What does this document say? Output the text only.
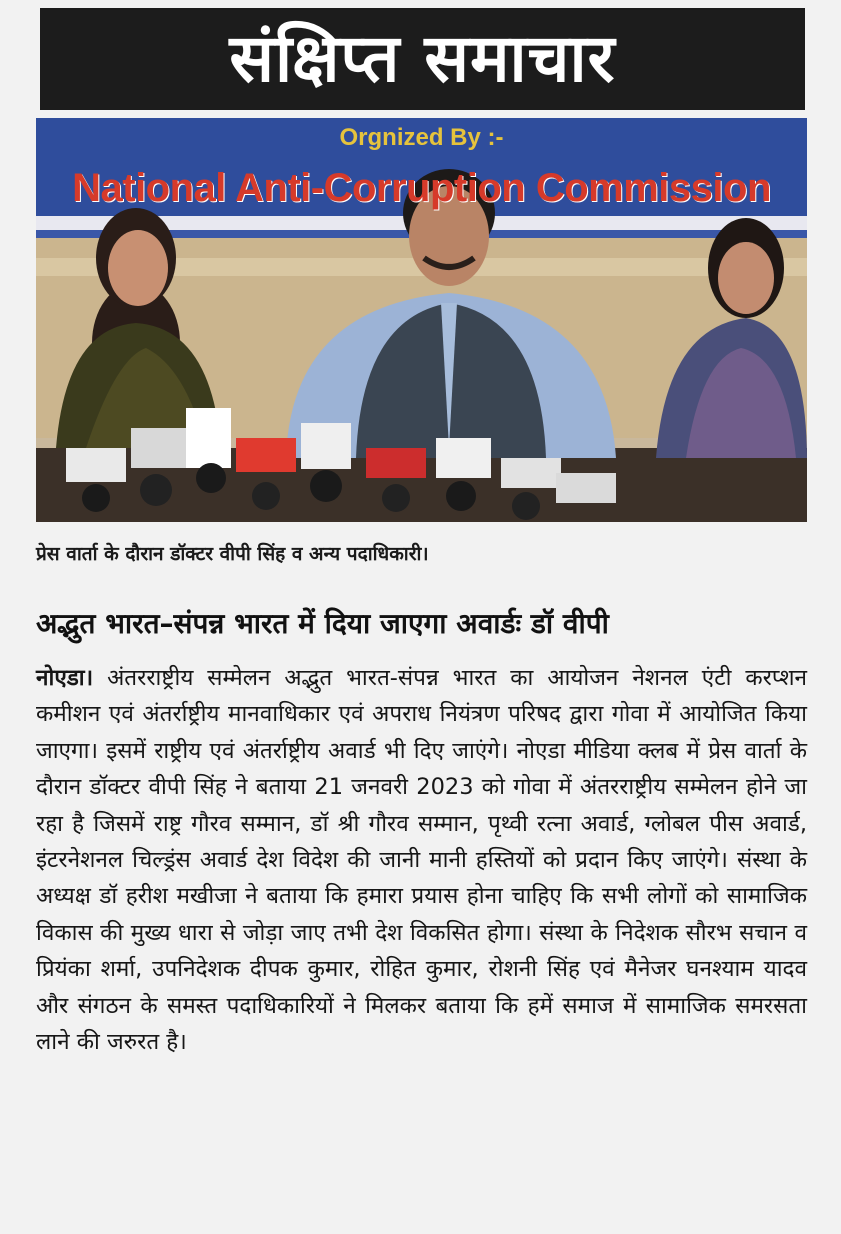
संक्षिप्त समाचार
Orgnized By :-
National Anti-Corruption Commission
प्रेस वार्ता के दौरान डॉक्टर वीपी सिंह व अन्य पदाधिकारी।
अद्भुत भारत–संपन्न भारत में दिया जाएगा अवार्डः डॉ वीपी
नोएडा। अंतरराष्ट्रीय सम्मेलन अद्भुत भारत-संपन्न भारत का आयोजन नेशनल एंटी करप्शन कमीशन एवं अंतर्राष्ट्रीय मानवाधिकार एवं अपराध नियंत्रण परिषद द्वारा गोवा में आयोजित किया जाएगा। इसमें राष्ट्रीय एवं अंतर्राष्ट्रीय अवार्ड भी दिए जाएंगे। नोएडा मीडिया क्लब में प्रेस वार्ता के दौरान डॉक्टर वीपी सिंह ने बताया 21 जनवरी 2023 को गोवा में अंतरराष्ट्रीय सम्मेलन होने जा रहा है जिसमें राष्ट्र गौरव सम्मान, डॉ श्री गौरव सम्मान, पृथ्वी रत्ना अवार्ड, ग्लोबल पीस अवार्ड, इंटरनेशनल चिल्ड्रंस अवार्ड देश विदेश की जानी मानी हस्तियों को प्रदान किए जाएंगे। संस्था के अध्यक्ष डॉ हरीश मखीजा ने बताया कि हमारा प्रयास होना चाहिए कि सभी लोगों को सामाजिक विकास की मुख्य धारा से जोड़ा जाए तभी देश विकसित होगा। संस्था के निदेशक सौरभ सचान व प्रियंका शर्मा, उपनिदेशक दीपक कुमार, रोहित कुमार, रोशनी सिंह एवं मैनेजर घनश्याम यादव और संगठन के समस्त पदाधिकारियों ने मिलकर बताया कि हमें समाज में सामाजिक समरसता लाने की जरुरत है।
